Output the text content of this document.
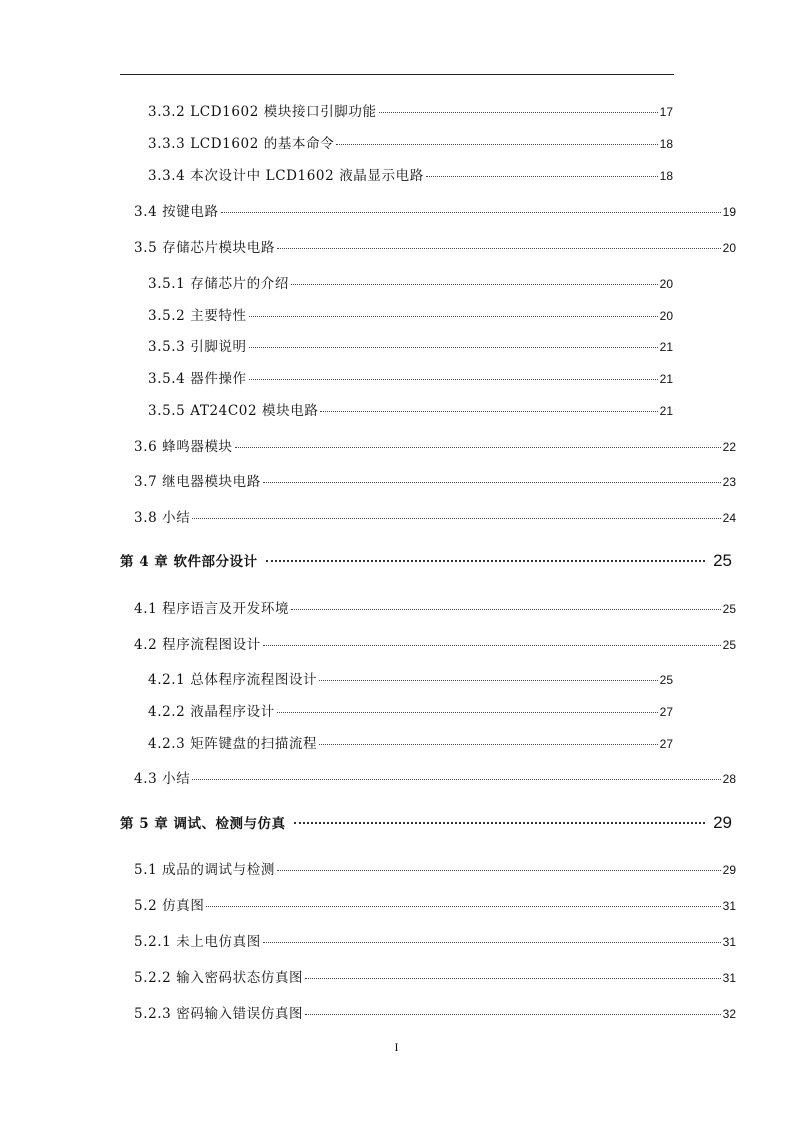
3.3.2 LCD1602 模块接口引脚功能	17
3.3.3 LCD1602 的基本命令	18
3.3.4 本次设计中 LCD1602 液晶显示电路	18
3.4 按键电路	19
3.5 存储芯片模块电路	20
3.5.1 存储芯片的介绍	20
3.5.2 主要特性	20
3.5.3 引脚说明	21
3.5.4 器件操作	21
3.5.5 AT24C02 模块电路	21
3.6 蜂鸣器模块	22
3.7 继电器模块电路	23
3.8 小结	24
第 4 章 软件部分设计	25
4.1 程序语言及开发环境	25
4.2 程序流程图设计	25
4.2.1 总体程序流程图设计	25
4.2.2 液晶程序设计	27
4.2.3 矩阵键盘的扫描流程	27
4.3 小结	28
第 5 章 调试、检测与仿真	29
5.1 成品的调试与检测	29
5.2 仿真图	31
5.2.1 未上电仿真图	31
5.2.2 输入密码状态仿真图	31
5.2.3 密码输入错误仿真图	32
I
